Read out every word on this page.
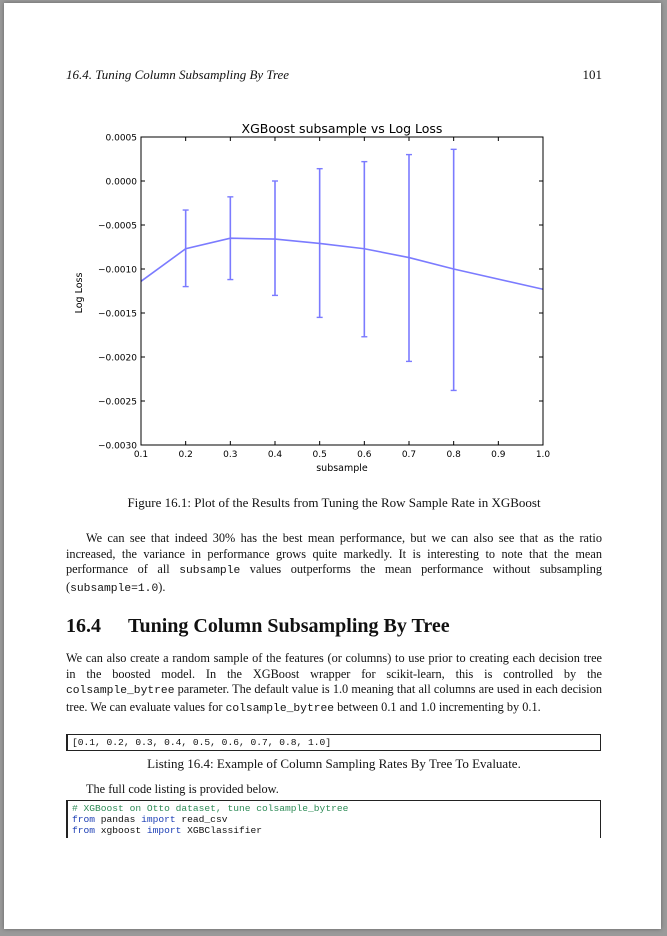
16.4. Tuning Column Subsampling By Tree	101
XGBoost subsample vs Log Loss
Log Loss
subsample
0.0005
0.0000
−0.0005
−0.0010
−0.0015
−0.0020
−0.0025
−0.0030
0.1	0.2	0.3	0.4	0.5	0.6	0.7	0.8	0.9	1.0
Figure 16.1: Plot of the Results from Tuning the Row Sample Rate in XGBoost

We can see that indeed 30% has the best mean performance, but we can also see that as the ratio increased, the variance in performance grows quite markedly. It is interesting to note that the mean performance of all subsample values outperforms the mean performance without subsampling (subsample=1.0).

16.4 Tuning Column Subsampling By Tree

We can also create a random sample of the features (or columns) to use prior to creating each decision tree in the boosted model. In the XGBoost wrapper for scikit-learn, this is controlled by the colsample_bytree parameter. The default value is 1.0 meaning that all columns are used in each decision tree. We can evaluate values for colsample_bytree between 0.1 and 1.0 incrementing by 0.1.

[0.1, 0.2, 0.3, 0.4, 0.5, 0.6, 0.7, 0.8, 1.0]
Listing 16.4: Example of Column Sampling Rates By Tree To Evaluate.

The full code listing is provided below.

# XGBoost on Otto dataset, tune colsample_bytree
from pandas import read_csv
from xgboost import XGBClassifier
